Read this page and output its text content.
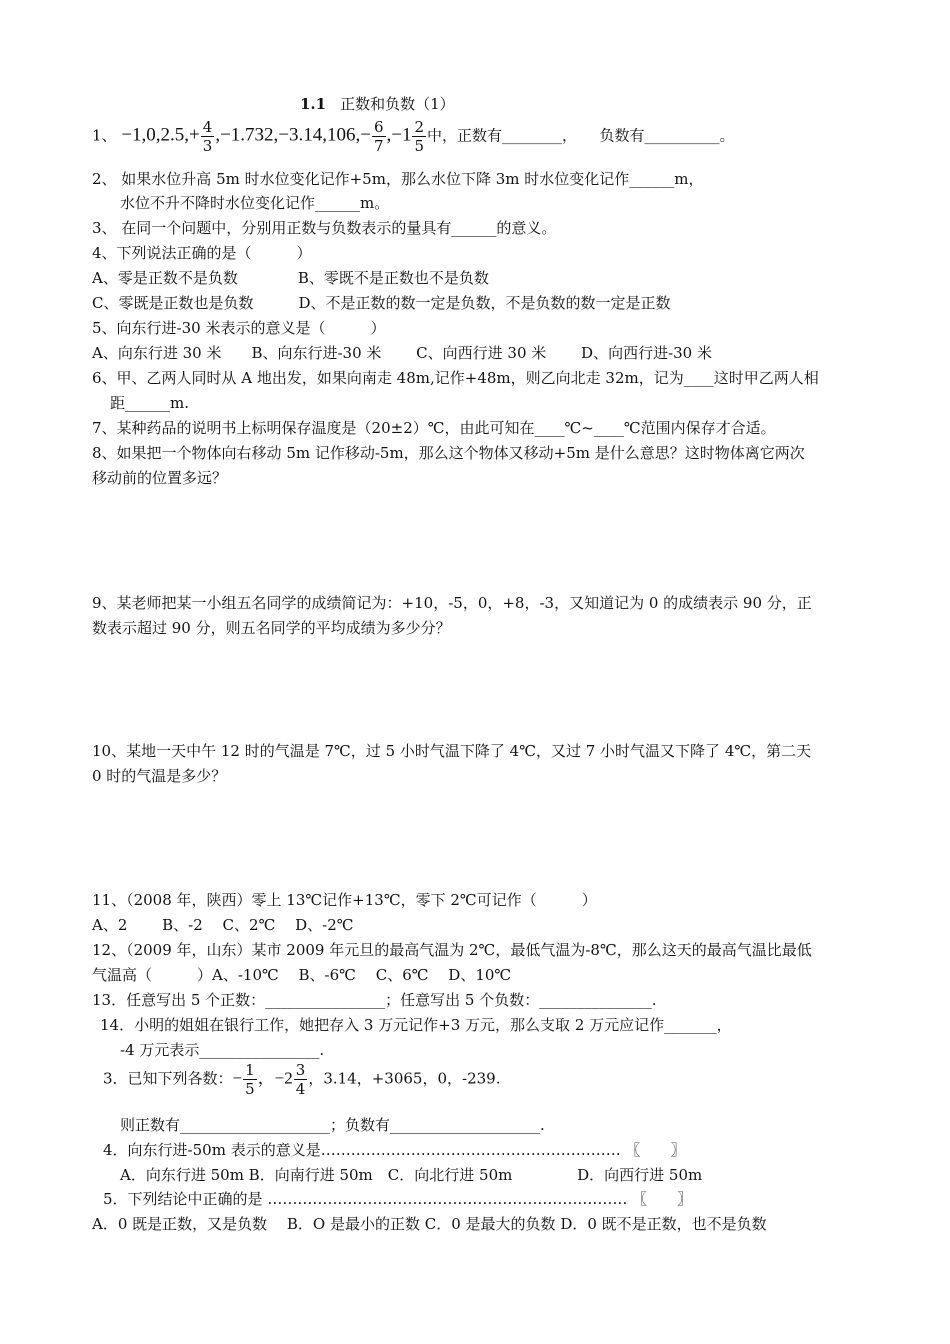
1.1 正数和负数（1）
1、 $-1,0,2.5,+ \frac{4}{3} ,-1.732,-3.14,106,- \frac{6}{7} ,-1 \frac{2}{5}$ 中，正数有________，　　负数有__________。
2、 如果水位升高 5m 时水位变化记作+5m，那么水位下降 3m 时水位变化记作______m，
水位不升不降时水位变化记作______m。
3、 在同一个问题中，分别用正数与负数表示的量具有______的意义。
4、下列说法正确的是（　　　）
A、零是正数不是负数　　　　B、零既不是正数也不是负数
C、零既是正数也是负数　　　D、不是正数的数一定是负数，不是负数的数一定是正数
5、向东行进-30 米表示的意义是（　　　）
A、向东行进 30 米　　B、向东行进-30 米　　 C、向西行进 30 米　　 D、向西行进-30 米
6、甲、乙两人同时从 A 地出发，如果向南走 48m,记作+48m，则乙向北走 32m，记为____这时甲乙两人相
距______m.
7、某种药品的说明书上标明保存温度是（20±2）℃，由此可知在____℃~____℃范围内保存才合适。
8、如果把一个物体向右移动 5m 记作移动-5m，那么这个物体又移动+5m 是什么意思？这时物体离它两次
移动前的位置多远？
9、某老师把某一小组五名同学的成绩简记为：+10，-5，0，+8，-3，又知道记为 0 的成绩表示 90 分，正
数表示超过 90 分，则五名同学的平均成绩为多少分？
10、某地一天中午 12 时的气温是 7℃，过 5 小时气温下降了 4℃，又过 7 小时气温又下降了 4℃，第二天
0 时的气温是多少？
11、（2008 年，陕西）零上 13℃记作+13℃，零下 2℃可记作（　　　）
A、2　　 B、-2　 C、2℃　 D、-2℃
12、（2009 年，山东）某市 2009 年元旦的最高气温为 2℃，最低气温为-8℃，那么这天的最高气温比最低
气温高（　　　）A、-10℃　 B、-6℃　 C、6℃　 D、10℃
13．任意写出 5 个正数：________________；任意写出 5 个负数：_______________.
14．小明的姐姐在银行工作，她把存入 3 万元记作+3 万元，那么支取 2 万元应记作_______，
-4 万元表示________________.
3．已知下列各数：− $\frac{1}{5}$ ，$-2 \frac{3}{4}$ ，3.14，+3065，0，-239.
则正数有____________________；负数有____________________.
4．向东行进-50m 表示的意义是…………………………………………………… 〖　　〗
A．向东行进 50m B．向南行进 50m　C．向北行进 50m　　　　 D．向西行进 50m
5．下列结论中正确的是 ……………………………………………………………… 〖　　〗
A．0 既是正数，又是负数　 B．O 是最小的正数 C．0 是最大的负数 D．0 既不是正数，也不是负数
